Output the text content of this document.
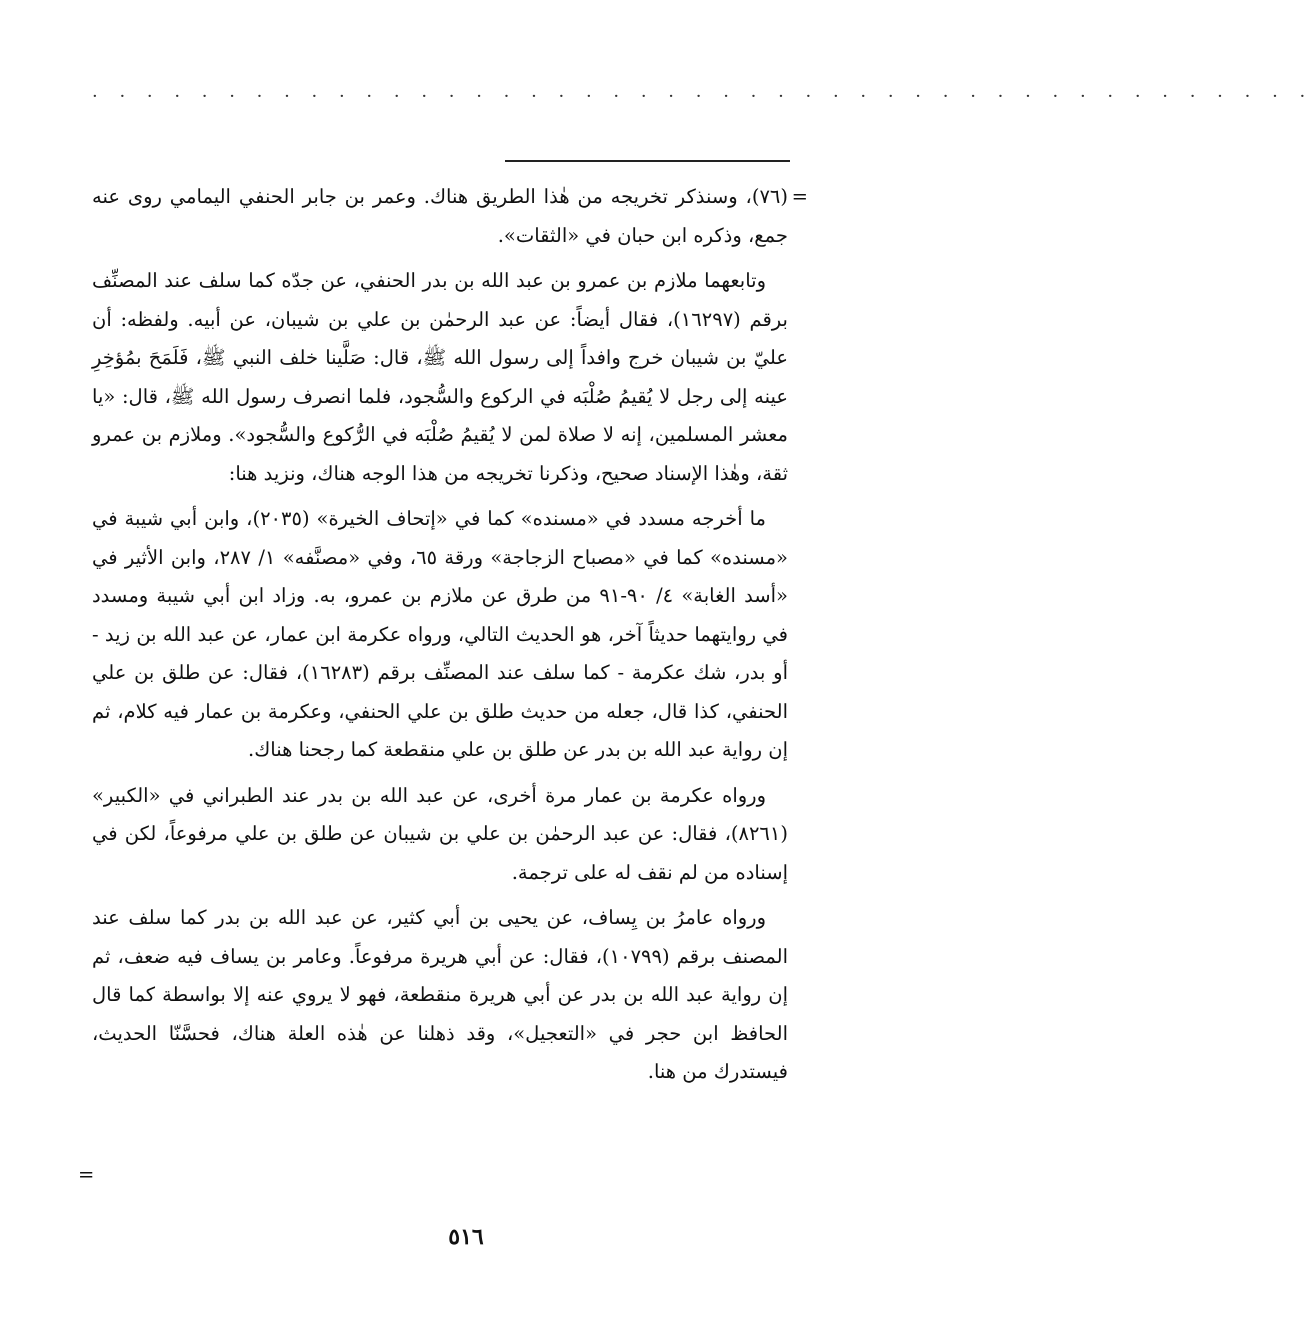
· · · · · · · · · · · · · · · · · · · · · · · · · · · · · · · · · · · · · · · · · · · · ·
=

(٧٦)، وسنذكر تخريجه من هٰذا الطريق هناك. وعمر بن جابر الحنفي اليمامي روى عنه جمع، وذكره ابن حبان في «الثقات».

وتابعهما ملازم بن عمرو بن عبد الله بن بدر الحنفي، عن جدّه كما سلف عند المصنِّف برقم (١٦٢٩٧)، فقال أيضاً: عن عبد الرحمٰن بن علي بن شيبان، عن أبيه. ولفظه: أن عليّ بن شيبان خرج وافداً إلى رسول الله ﷺ، قال: صَلَّينا خلف النبي ﷺ، فَلَمَحَ بمُؤخِرِ عينه إلى رجل لا يُقيمُ صُلْبَه في الركوع والسُّجود، فلما انصرف رسول الله ﷺ، قال: «يا معشر المسلمين، إنه لا صلاة لمن لا يُقيمُ صُلْبَه في الرُّكوع والسُّجود». وملازم بن عمرو ثقة، وهٰذا الإسناد صحيح، وذكرنا تخريجه من هذا الوجه هناك، ونزيد هنا:

ما أخرجه مسدد في «مسنده» كما في «إتحاف الخيرة» (٢٠٣٥)، وابن أبي شيبة في «مسنده» كما في «مصباح الزجاجة» ورقة ٦٥، وفي «مصنَّفه» ١/ ٢٨٧، وابن الأثير في «أسد الغابة» ٤/ ٩٠-٩١ من طرق عن ملازم بن عمرو، به. وزاد ابن أبي شيبة ومسدد في روايتهما حديثاً آخر، هو الحديث التالي، ورواه عكرمة ابن عمار، عن عبد الله بن زيد - أو بدر، شك عكرمة - كما سلف عند المصنِّف برقم (١٦٢٨٣)، فقال: عن طلق بن علي الحنفي، كذا قال، جعله من حديث طلق بن علي الحنفي، وعكرمة بن عمار فيه كلام، ثم إن رواية عبد الله بن بدر عن طلق بن علي منقطعة كما رجحنا هناك.

ورواه عكرمة بن عمار مرة أخرى، عن عبد الله بن بدر عند الطبراني في «الكبير» (٨٢٦١)، فقال: عن عبد الرحمٰن بن علي بن شيبان عن طلق بن علي مرفوعاً، لكن في إسناده من لم نقف له على ترجمة.

ورواه عامرُ بن يِساف، عن يحيى بن أبي كثير، عن عبد الله بن بدر كما سلف عند المصنف برقم (١٠٧٩٩)، فقال: عن أبي هريرة مرفوعاً. وعامر بن يساف فيه ضعف، ثم إن رواية عبد الله بن بدر عن أبي هريرة منقطعة، فهو لا يروي عنه إلا بواسطة كما قال الحافظ ابن حجر في «التعجيل»، وقد ذهلنا عن هٰذه العلة هناك، فحسَّنّا الحديث، فيستدرك من هنا.

=
٥١٦
